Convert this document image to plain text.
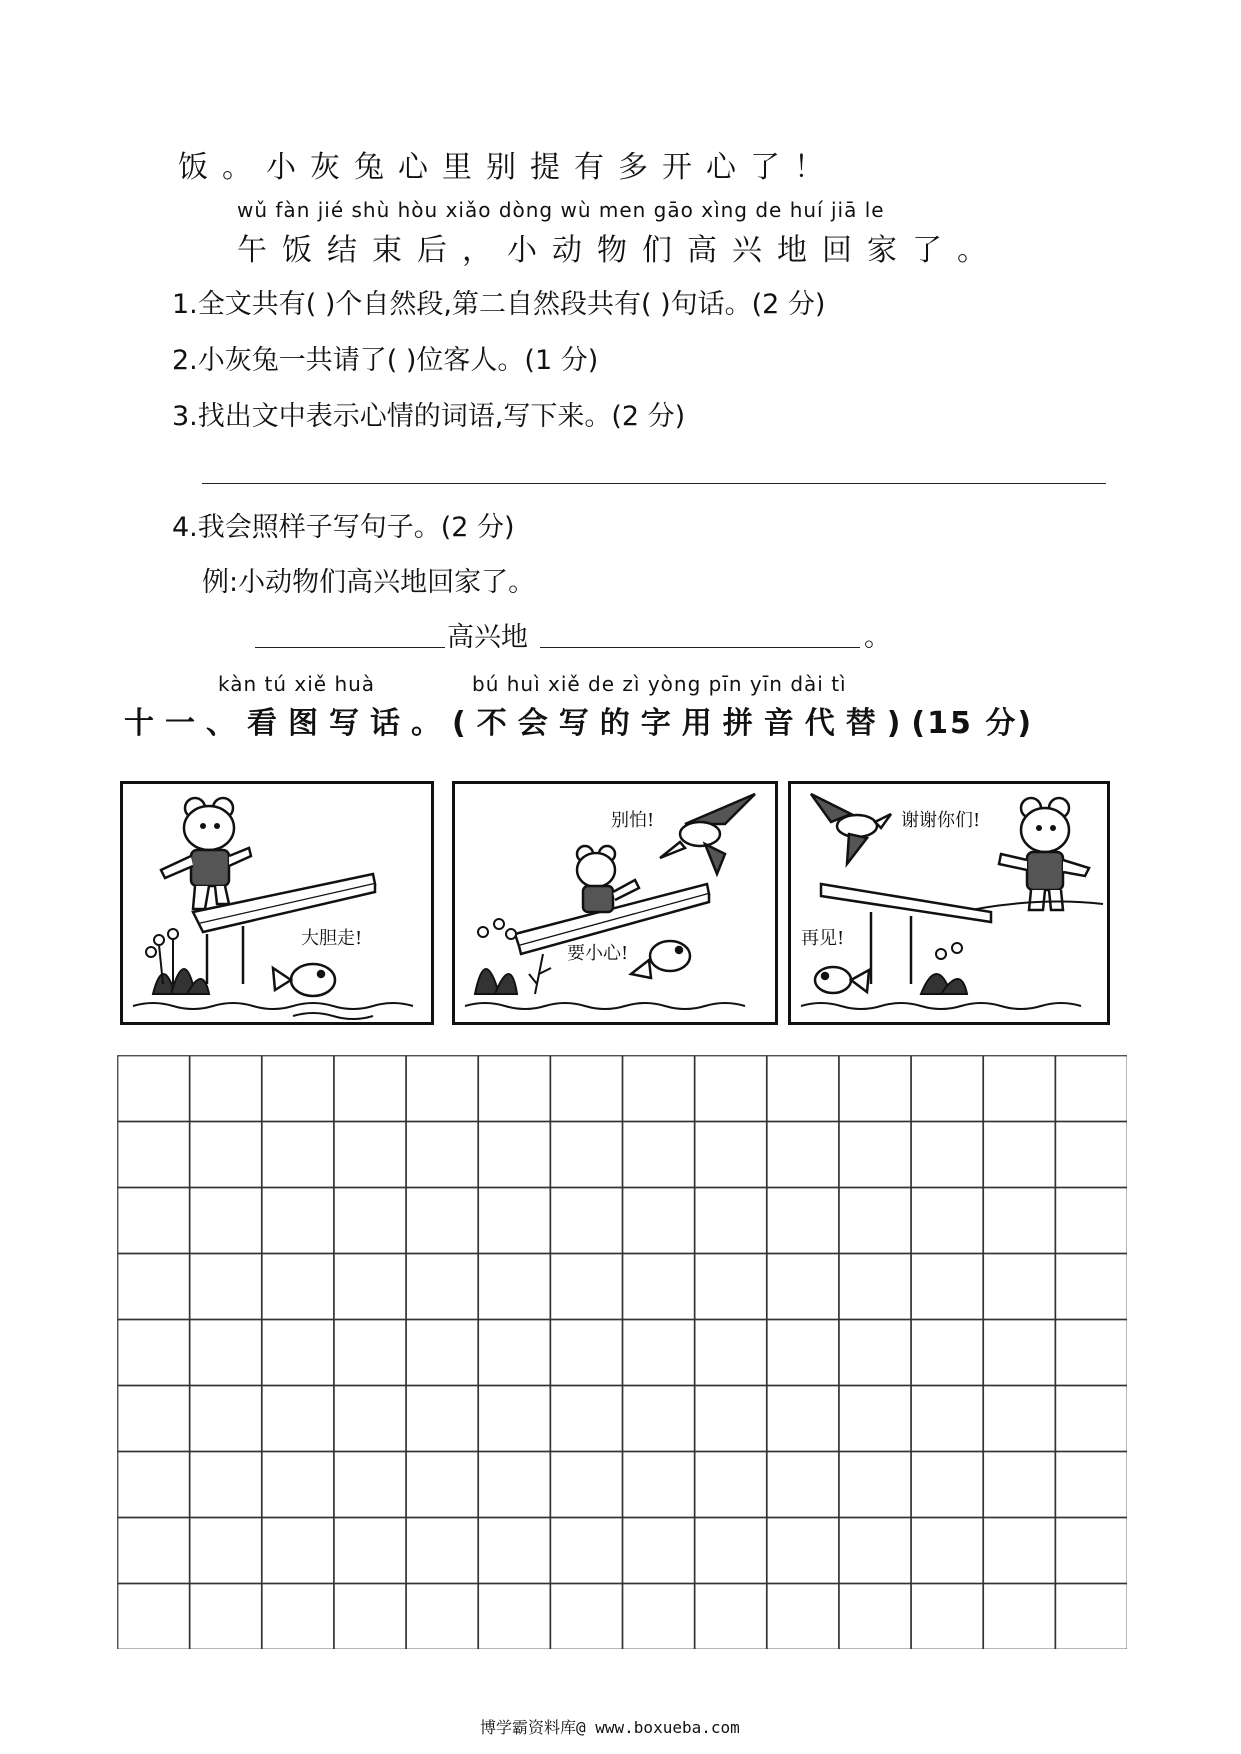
饭。小灰兔心里别提有多开心了！
wǔ fàn jié shù hòu xiǎo dòng wù men gāo xìng de huí jiā le
午饭结束后，小动物们高兴地回家了。
1.全文共有( )个自然段,第二自然段共有( )句话。(2 分)
2.小灰兔一共请了( )位客人。(1 分)
3.找出文中表示心情的词语,写下来。(2 分)
4.我会照样子写句子。(2 分)
例:小动物们高兴地回家了。
高兴地	。
kàn tú xiě huà	bú huì xiě de zì yòng pīn yīn dài tì
十一、看图写话。(不会写的字用拼音代替)(15 分)
大胆走!
别怕!
要小心!
谢谢你们!
再见!
博学霸资料库@ www.boxueba.com
